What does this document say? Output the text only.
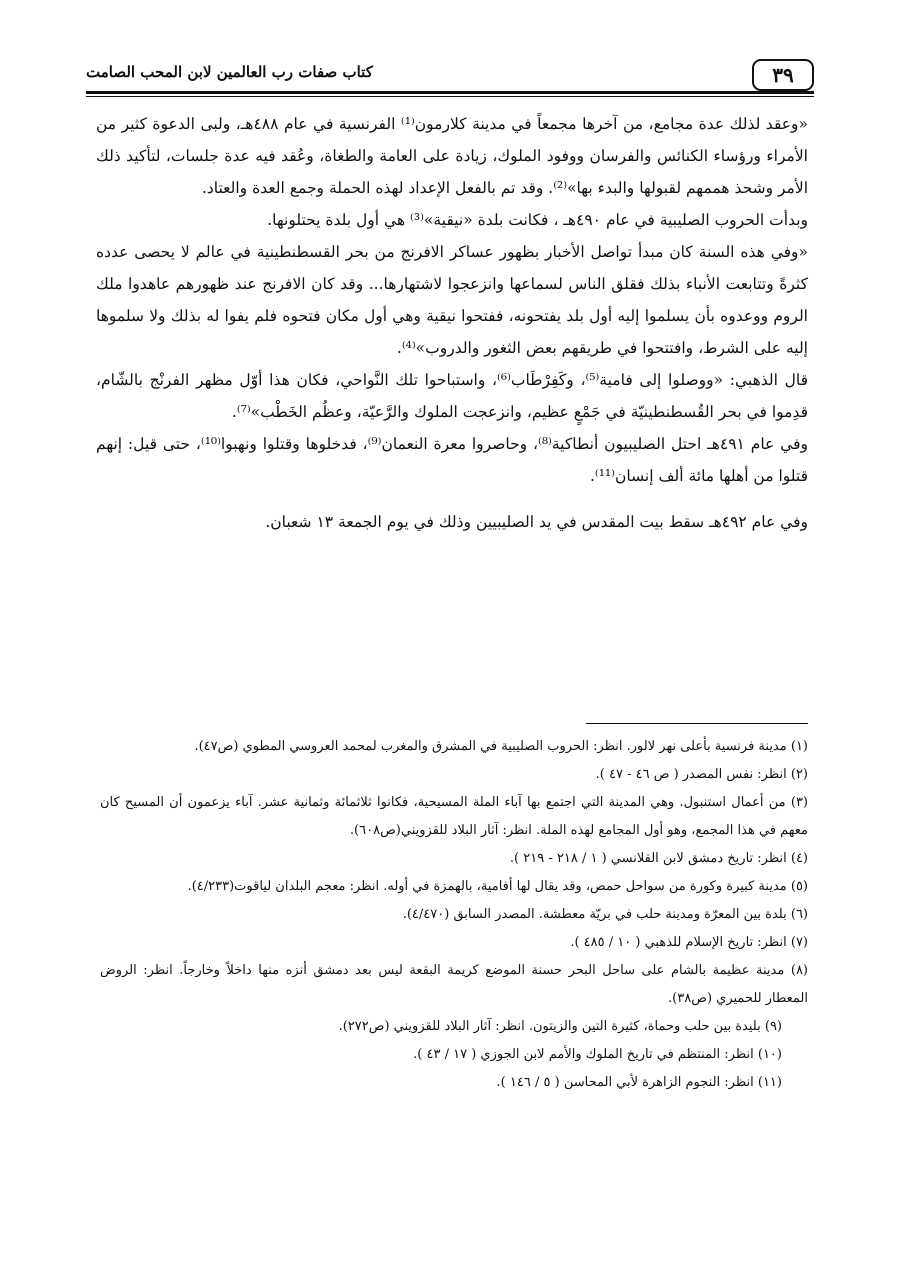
٣٩
كتاب صفات رب العالمين لابن المحب الصامت

«وعقد لذلك عدة مجامع، من آخرها مجمعاً في مدينة كلارمون⁽¹⁾ الفرنسية في عام ٤٨٨هـ، ولبى الدعوة كثير من الأمراء ورؤساء الكنائس والفرسان ووفود الملوك، زيادة على العامة والطغاة، وعُقد فيه عدة جلسات، لتأكيد ذلك الأمر وشحذ هممهم لقبولها والبدء بها»⁽²⁾. وقد تم بالفعل الإعداد لهذه الحملة وجمع العدة والعتاد.

وبدأت الحروب الصليبية في عام ٤٩٠هـ ، فكانت بلدة «نيقية»⁽³⁾ هي أول بلدة يحتلونها.

«وفي هذه السنة كان مبدأ تواصل الأخبار بظهور عساكر الافرنج من بحر القسطنطينية في عالم لا يحصى عدده كثرةً وتتابعت الأنباء بذلك فقلق الناس لسماعها وانزعجوا لاشتهارها... وقد كان الافرنج عند ظهورهم عاهدوا ملك الروم ووعدوه بأن يسلموا إليه أول بلد يفتحونه، ففتحوا نيقية وهي أول مكان فتحوه فلم يفوا له بذلك ولا سلموها إليه على الشرط، وافتتحوا في طريقهم بعض الثغور والدروب»⁽⁴⁾.

قال الذهبي: «ووصلوا إلى فامية⁽⁵⁾، وكَفِرْطَاب⁽⁶⁾، واستباحوا تلك النَّواحي، فكان هذا أوّل مظهر الفرنْج بالشّام، قدِموا في بحر القُسطنطينيّة في جَمْعٍ عظيم، وانزعجت الملوك والرَّعيّة، وعظُم الخَطْب»⁽⁷⁾.

وفي عام ٤٩١هـ احتل الصليبيون أنطاكية⁽⁸⁾، وحاصروا معرة النعمان⁽⁹⁾، فدخلوها وقتلوا ونهبوا⁽¹⁰⁾، حتى قيل: إنهم قتلوا من أهلها مائة ألف إنسان⁽¹¹⁾.

وفي عام ٤٩٢هـ سقط بيت المقدس في يد الصليبيين وذلك في يوم الجمعة ١٣ شعبان.

(١) مدينة فرنسية بأعلى نهر لالور. انظر: الحروب الصليبية في المشرق والمغرب لمحمد العروسي المطوي (ص٤٧).

(٢) انظر: نفس المصدر ( ص ٤٦ - ٤٧ ).

(٣) من أعمال استنبول. وهي المدينة التي اجتمع بها آباء الملة المسيحية، فكانوا ثلاثمائة وثمانية عشر. آباء يزعمون أن المسيح كان معهم في هذا المجمع، وهو أول المجامع لهذه الملة. انظر: آثار البلاد للقزويني(ص٦٠٨).

(٤) انظر: تاريخ دمشق لابن القلانسي ( ١ / ٢١٨ - ٢١٩ ).

(٥) مدينة كبيرة وكورة من سواحل حمص، وقد يقال لها أفامية، بالهمزة في أوله. انظر: معجم البلدان لياقوت(٤/٢٣٣).

(٦) بلدة بين المعرّة ومدينة حلب في بريّة معطشة. المصدر السابق (٤/٤٧٠).

(٧) انظر: تاريخ الإسلام للذهبي ( ١٠ / ٤٨٥ ).

(٨) مدينة عظيمة بالشام على ساحل البحر حسنة الموضع كريمة البقعة ليس بعد دمشق أنزه منها داخلاً وخارجاً. انظر: الروض المعطار للحميري (ص٣٨).

(٩) بليدة بين حلب وحماة، كثيرة التين والزيتون. انظر: آثار البلاد للقزويني (ص٢٧٢).

(١٠) انظر: المنتظم في تاريخ الملوك والأمم لابن الجوزي ( ١٧ / ٤٣ ).

(١١) انظر: النجوم الزاهرة لأبي المحاسن ( ٥ / ١٤٦ ).
